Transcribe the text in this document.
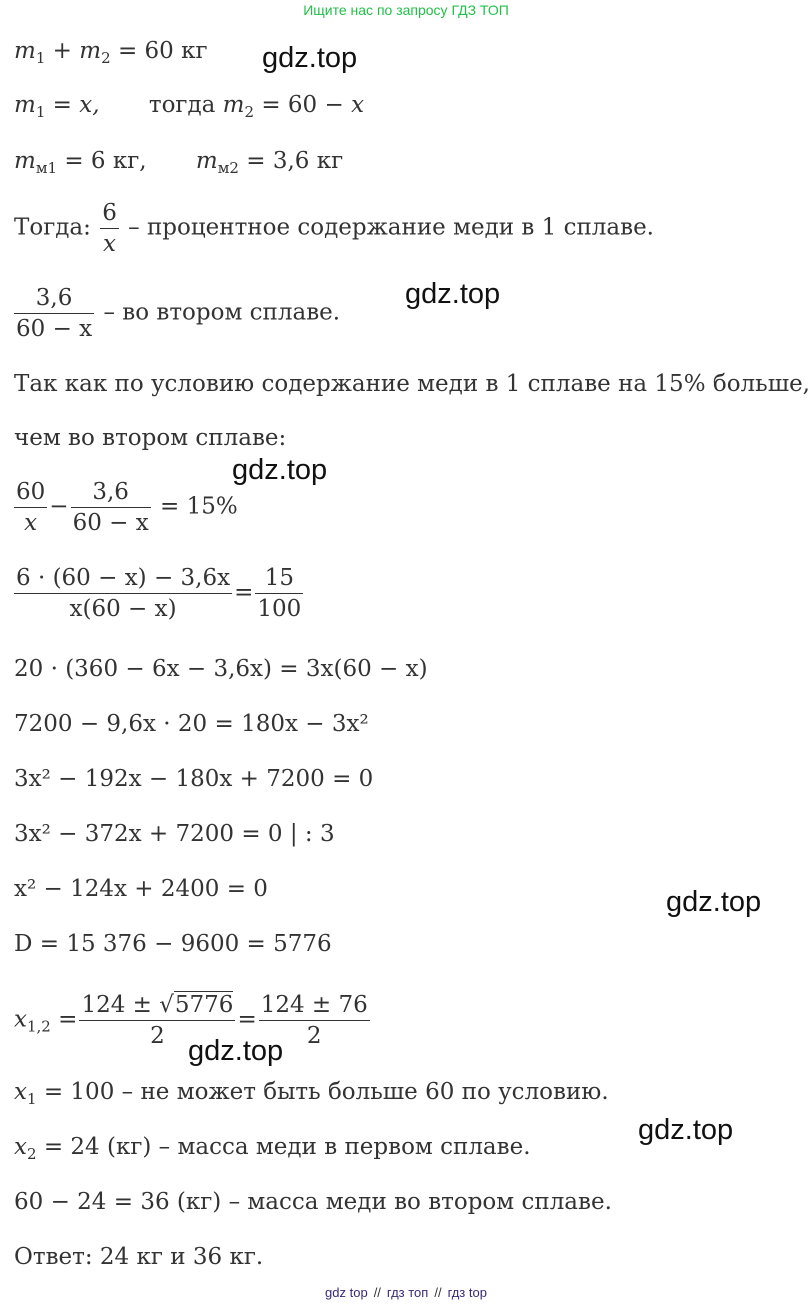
Ищите нас по запросу ГДЗ ТОП
gdz.top
gdz.top
gdz.top
gdz.top
gdz.top
gdz.top
$m_1 + m_2 = 60$ кг
$m_1 = x$, тогда $m_2 = 60 - x$
$m_{м1} = 6$ кг, $m_{м2} = 3,6$ кг
Тогда: $\frac{6}{x}$ – процентное содержание меди в 1 сплаве.
$\frac{3,6}{60 - x}$ – во втором сплаве.
Так как по условию содержание меди в 1 сплаве на 15% больше,
чем во втором сплаве:
$\frac{60}{x} - \frac{3,6}{60 - x} = 15\%$
$\frac{6 \cdot (60 - x) - 3,6x}{x(60 - x)} = \frac{15}{100}$
20 · (360 − 6x − 3,6x) = 3x(60 − x)
7200 − 9,6x · 20 = 180x − 3x²
3x² − 192x − 180x + 7200 = 0
3x² − 372x + 7200 = 0 | : 3
x² − 124x + 2400 = 0
D = 15 376 − 9600 = 5776
$x_{1,2} = \frac{124 \pm √5776}{2} = \frac{124 \pm 76}{2}$
$x_1 = 100$ – не может быть больше 60 по условию.
$x_2 = 24$ (кг) – масса меди в первом сплаве.
60 − 24 = 36 (кг) – масса меди во втором сплаве.
Ответ: 24 кг и 36 кг.
gdz top // гдз топ // гдз top
